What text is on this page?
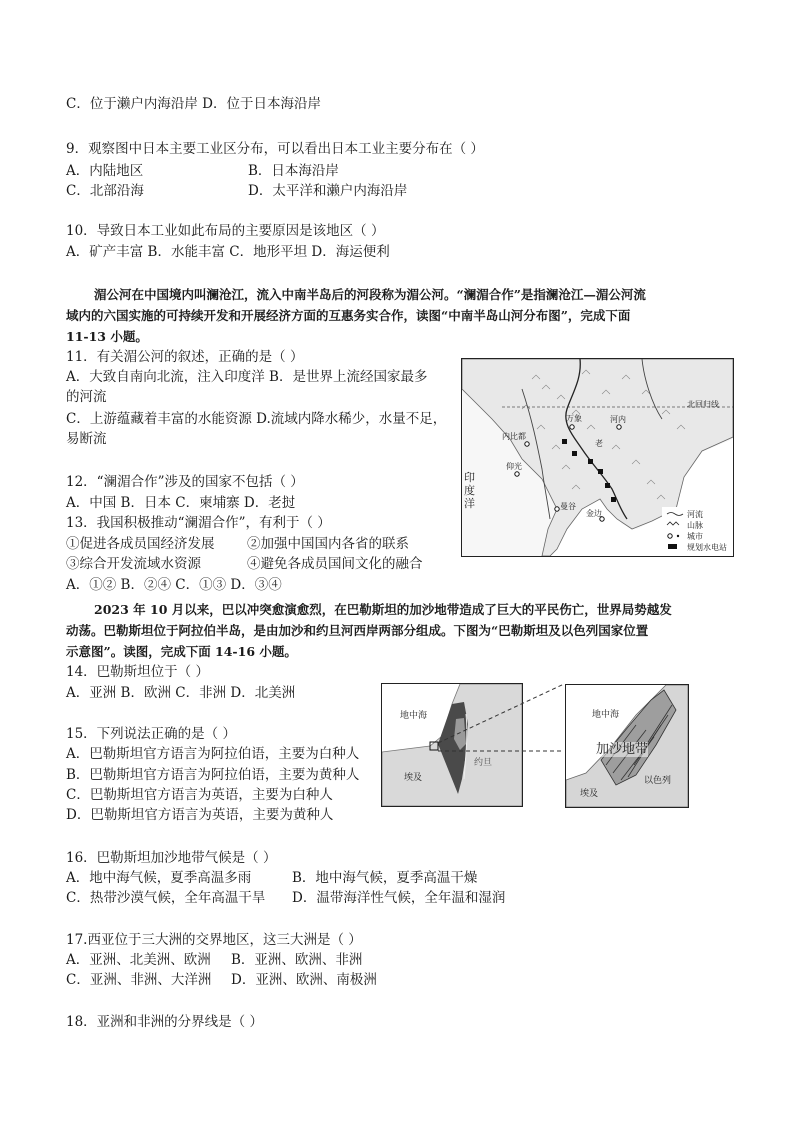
C．位于濑户内海沿岸 D．位于日本海沿岸
9．观察图中日本主要工业区分布，可以看出日本工业主要分布在（ ）
A．内陆地区	B．日本海沿岸
C．北部沿海	D．太平洋和濑户内海沿岸
10．导致日本工业如此布局的主要原因是该地区（ ）
A．矿产丰富 B．水能丰富 C．地形平坦 D．海运便利
湄公河在中国境内叫澜沧江，流入中南半岛后的河段称为湄公河。“澜湄合作”是指澜沧江—湄公河流
域内的六国实施的可持续开发和开展经济方面的互惠务实合作，读图“中南半岛山河分布图”，完成下面
11-13 小题。
11．有关湄公河的叙述，正确的是（ ）
A．大致自南向北流，注入印度洋 B．是世界上流经国家最多
的河流
C．上游蕴藏着丰富的水能资源 D.流域内降水稀少，水量不足，
易断流
12．“澜湄合作”涉及的国家不包括（ ）
A．中国 B．日本 C．柬埔寨 D．老挝
13．我国积极推动“澜湄合作”，有利于（ ）
①促进各成员国经济发展 ②加强中国国内各省的联系
③综合开发流域水资源	④避免各成员国间文化的融合
A．①② B．②④ C．①③ D．③④
北回归线
内比都
仰光
万象	河内
曼谷
金边
老
印度洋
河流
山脉
城市
规划水电站
2023 年 10 月以来，巴以冲突愈演愈烈，在巴勒斯坦的加沙地带造成了巨大的平民伤亡，世界局势越发
动荡。巴勒斯坦位于阿拉伯半岛，是由加沙和约旦河西岸两部分组成。下图为“巴勒斯坦及以色列国家位置
示意图”。读图，完成下面 14-16 小题。
14．巴勒斯坦位于（ ）
A．亚洲 B．欧洲 C．非洲 D．北美洲
15．下列说法正确的是（ ）
A．巴勒斯坦官方语言为阿拉伯语，主要为白种人
B．巴勒斯坦官方语言为阿拉伯语，主要为黄种人
C．巴勒斯坦官方语言为英语，主要为白种人
D．巴勒斯坦官方语言为英语，主要为黄种人
地中海
埃及
约旦
地中海
加沙地带
以色列
埃及
16．巴勒斯坦加沙地带气候是（ ）
A．地中海气候，夏季高温多雨	B．地中海气候，夏季高温干燥
C．热带沙漠气候，全年高温干旱 D．温带海洋性气候，全年温和湿润
17.西亚位于三大洲的交界地区，这三大洲是（ ）
A．亚洲、北美洲、欧洲 B．亚洲、欧洲、非洲
C．亚洲、非洲、大洋洲 D．亚洲、欧洲、南极洲
18．亚洲和非洲的分界线是（ ）
